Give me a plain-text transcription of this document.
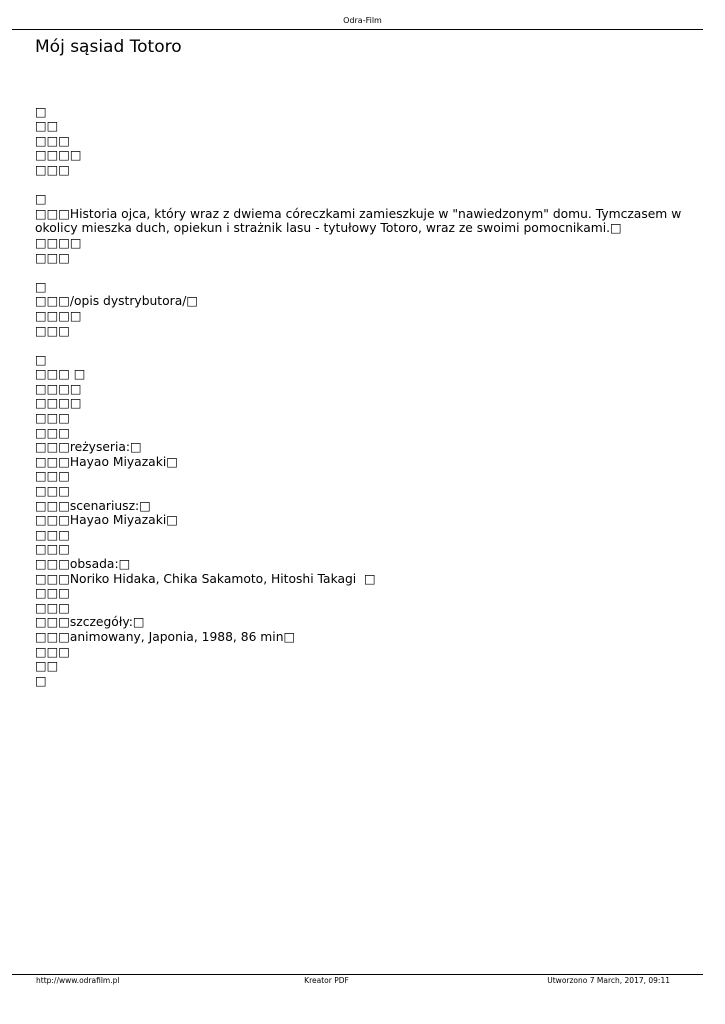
Odra-Film
Mój sąsiad Totoro
□
□□
□□□
□□□□
□□□
□
□□□Historia ojca, który wraz z dwiema córeczkami zamieszkuje w "nawiedzonym" domu. Tymczasem w okolicy mieszka duch, opiekun i strażnik lasu - tytułowy Totoro, wraz ze swoimi pomocnikami.□
□□□□
□□□
□
□□□/opis dystrybutora/□
□□□□
□□□
□
□□□ □
□□□□
□□□□
□□□
□□□
□□□reżyseria:□
□□□Hayao Miyazaki□
□□□
□□□
□□□scenariusz:□
□□□Hayao Miyazaki□
□□□
□□□
□□□obsada:□
□□□Noriko Hidaka, Chika Sakamoto, Hitoshi Takagi  □
□□□
□□□
□□□szczegóły:□
□□□animowany, Japonia, 1988, 86 min□
□□□
□□
□
http://www.odrafilm.pl	Kreator PDF	Utworzono 7 March, 2017, 09:11
